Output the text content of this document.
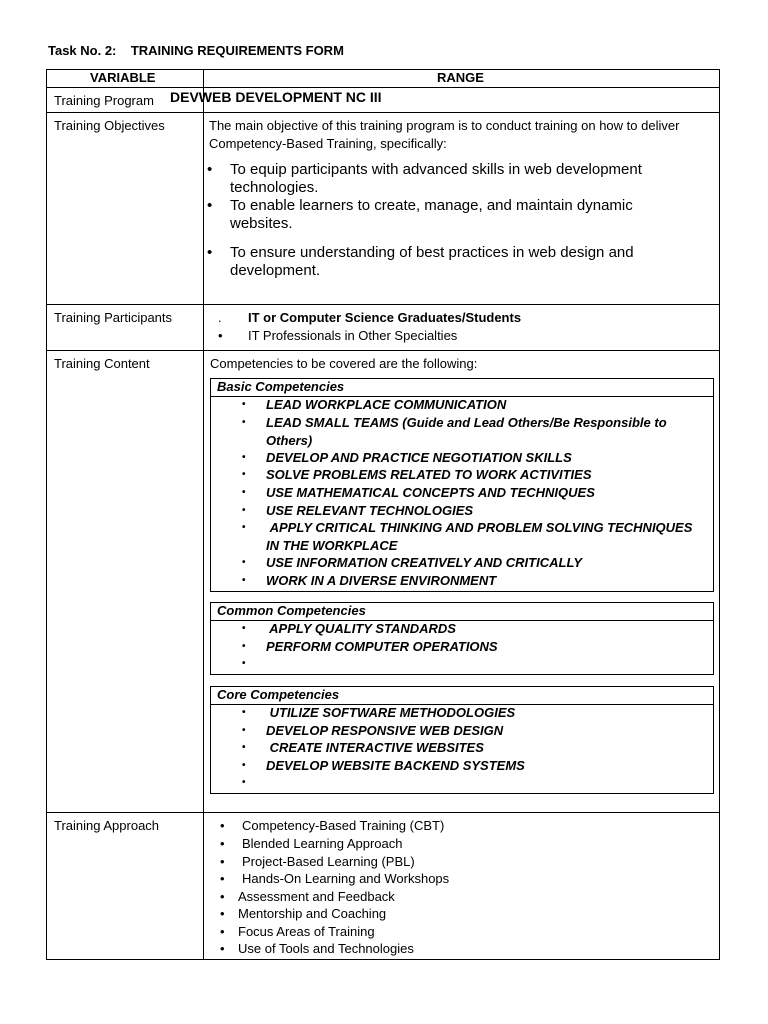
Task No. 2: TRAINING REQUIREMENTS FORM
VARIABLE	RANGE
Training Program DEVWEB DEVELOPMENT NC III
Training Objectives	The main objective of this training program is to conduct training on how to deliver Competency-Based Training, specifically:
• To equip participants with advanced skills in web development technologies.
• To enable learners to create, manage, and maintain dynamic websites.
• To ensure understanding of best practices in web design and development.
Training Participants	. IT or Computer Science Graduates/Students
• IT Professionals in Other Specialties
Training Content	Competencies to be covered are the following:
Basic Competencies
• LEAD WORKPLACE COMMUNICATION
• LEAD SMALL TEAMS (Guide and Lead Others/Be Responsible to Others)
• DEVELOP AND PRACTICE NEGOTIATION SKILLS
• SOLVE PROBLEMS RELATED TO WORK ACTIVITIES
• USE MATHEMATICAL CONCEPTS AND TECHNIQUES
• USE RELEVANT TECHNOLOGIES
• APPLY CRITICAL THINKING AND PROBLEM SOLVING TECHNIQUES IN THE WORKPLACE
• USE INFORMATION CREATIVELY AND CRITICALLY
• WORK IN A DIVERSE ENVIRONMENT
Common Competencies
• APPLY QUALITY STANDARDS
• PERFORM COMPUTER OPERATIONS
•
Core Competencies
• UTILIZE SOFTWARE METHODOLOGIES
• DEVELOP RESPONSIVE WEB DESIGN
• CREATE INTERACTIVE WEBSITES
• DEVELOP WEBSITE BACKEND SYSTEMS
•
Training Approach	• Competency-Based Training (CBT)
• Blended Learning Approach
• Project-Based Learning (PBL)
• Hands-On Learning and Workshops
• Assessment and Feedback
• Mentorship and Coaching
• Focus Areas of Training
• Use of Tools and Technologies
